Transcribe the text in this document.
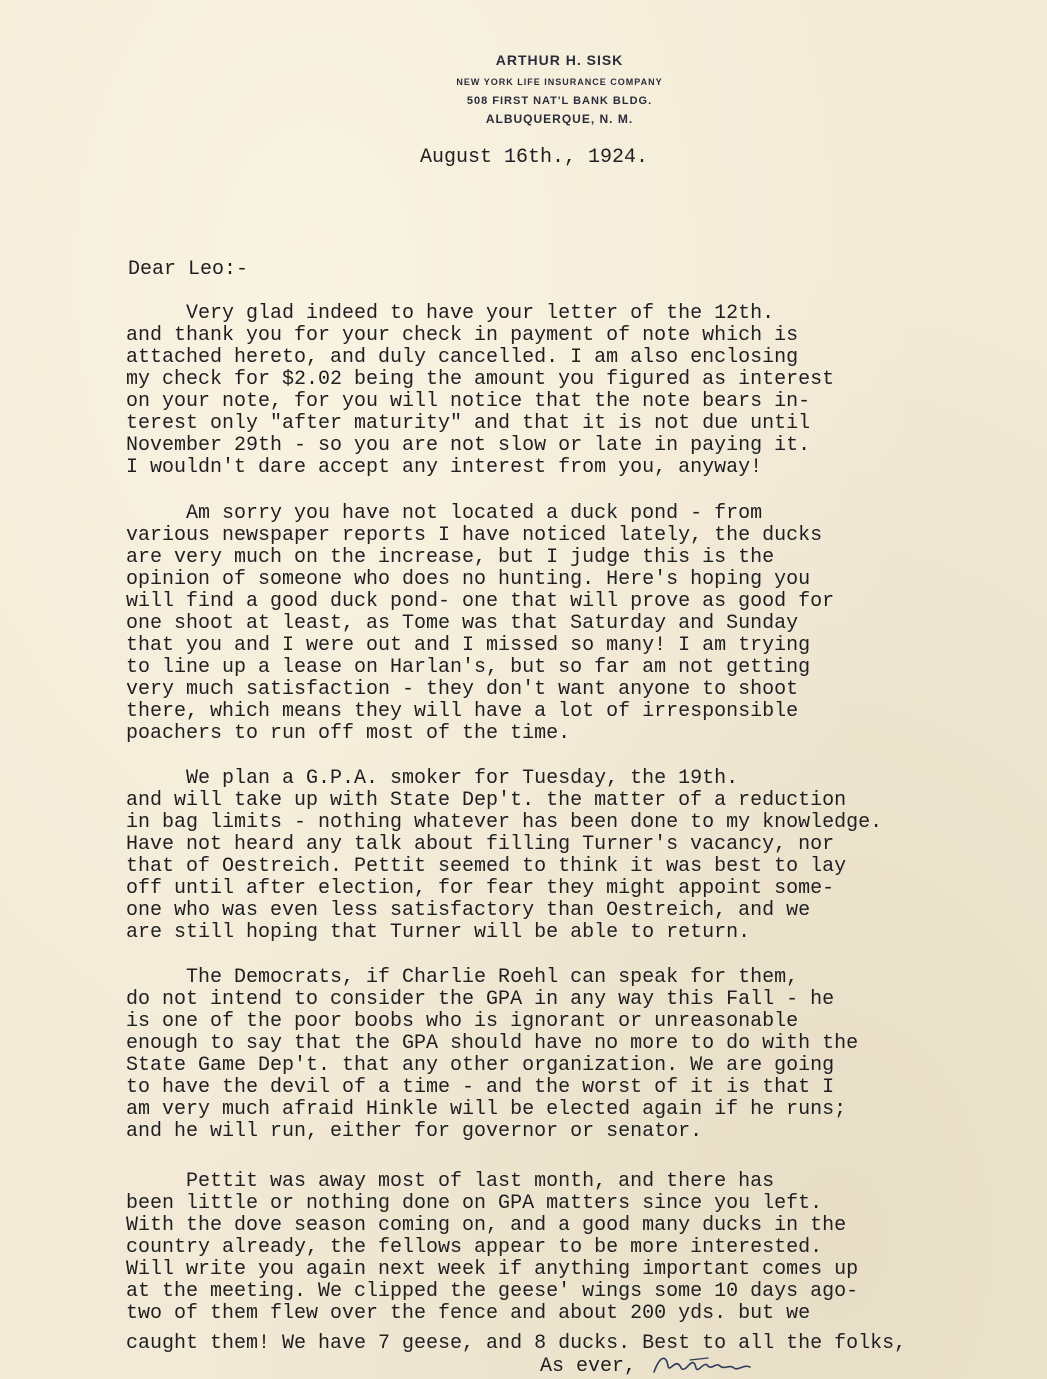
ARTHUR H. SISK
NEW YORK LIFE INSURANCE COMPANY
508 FIRST NAT'L BANK BLDG.
ALBUQUERQUE, N. M.
August 16th., 1924.
Dear Leo:-
Very glad indeed to have your letter of the 12th.
and thank you for your check in payment of note which is
attached hereto, and duly cancelled. I am also enclosing
my check for $2.02 being the amount you figured as interest
on your note, for you will notice that the note bears in-
terest only "after maturity" and that it is not due until
November 29th - so you are not slow or late in paying it.
I wouldn't dare accept any interest from you, anyway!
Am sorry you have not located a duck pond - from
various newspaper reports I have noticed lately, the ducks
are very much on the increase, but I judge this is the
opinion of someone who does no hunting. Here's hoping you
will find a good duck pond- one that will prove as good for
one shoot at least, as Tome was that Saturday and Sunday
that you and I were out and I missed so many! I am trying
to line up a lease on Harlan's, but so far am not getting
very much satisfaction - they don't want anyone to shoot
there, which means they will have a lot of irresponsible
poachers to run off most of the time.
We plan a G.P.A. smoker for Tuesday, the 19th.
and will take up with State Dep't. the matter of a reduction
in bag limits - nothing whatever has been done to my knowledge.
Have not heard any talk about filling Turner's vacancy, nor
that of Oestreich. Pettit seemed to think it was best to lay
off until after election, for fear they might appoint some-
one who was even less satisfactory than Oestreich, and we
are still hoping that Turner will be able to return.
The Democrats, if Charlie Roehl can speak for them,
do not intend to consider the GPA in any way this Fall - he
is one of the poor boobs who is ignorant or unreasonable
enough to say that the GPA should have no more to do with the
State Game Dep't. that any other organization. We are going
to have the devil of a time - and the worst of it is that I
am very much afraid Hinkle will be elected again if he runs;
and he will run, either for governor or senator.
Pettit was away most of last month, and there has
been little or nothing done on GPA matters since you left.
With the dove season coming on, and a good many ducks in the
country already, the fellows appear to be more interested.
Will write you again next week if anything important comes up
at the meeting. We clipped the geese' wings some 10 days ago-
two of them flew over the fence and about 200 yds. but we
caught them! We have 7 geese, and 8 ducks. Best to all the folks,
As ever,
